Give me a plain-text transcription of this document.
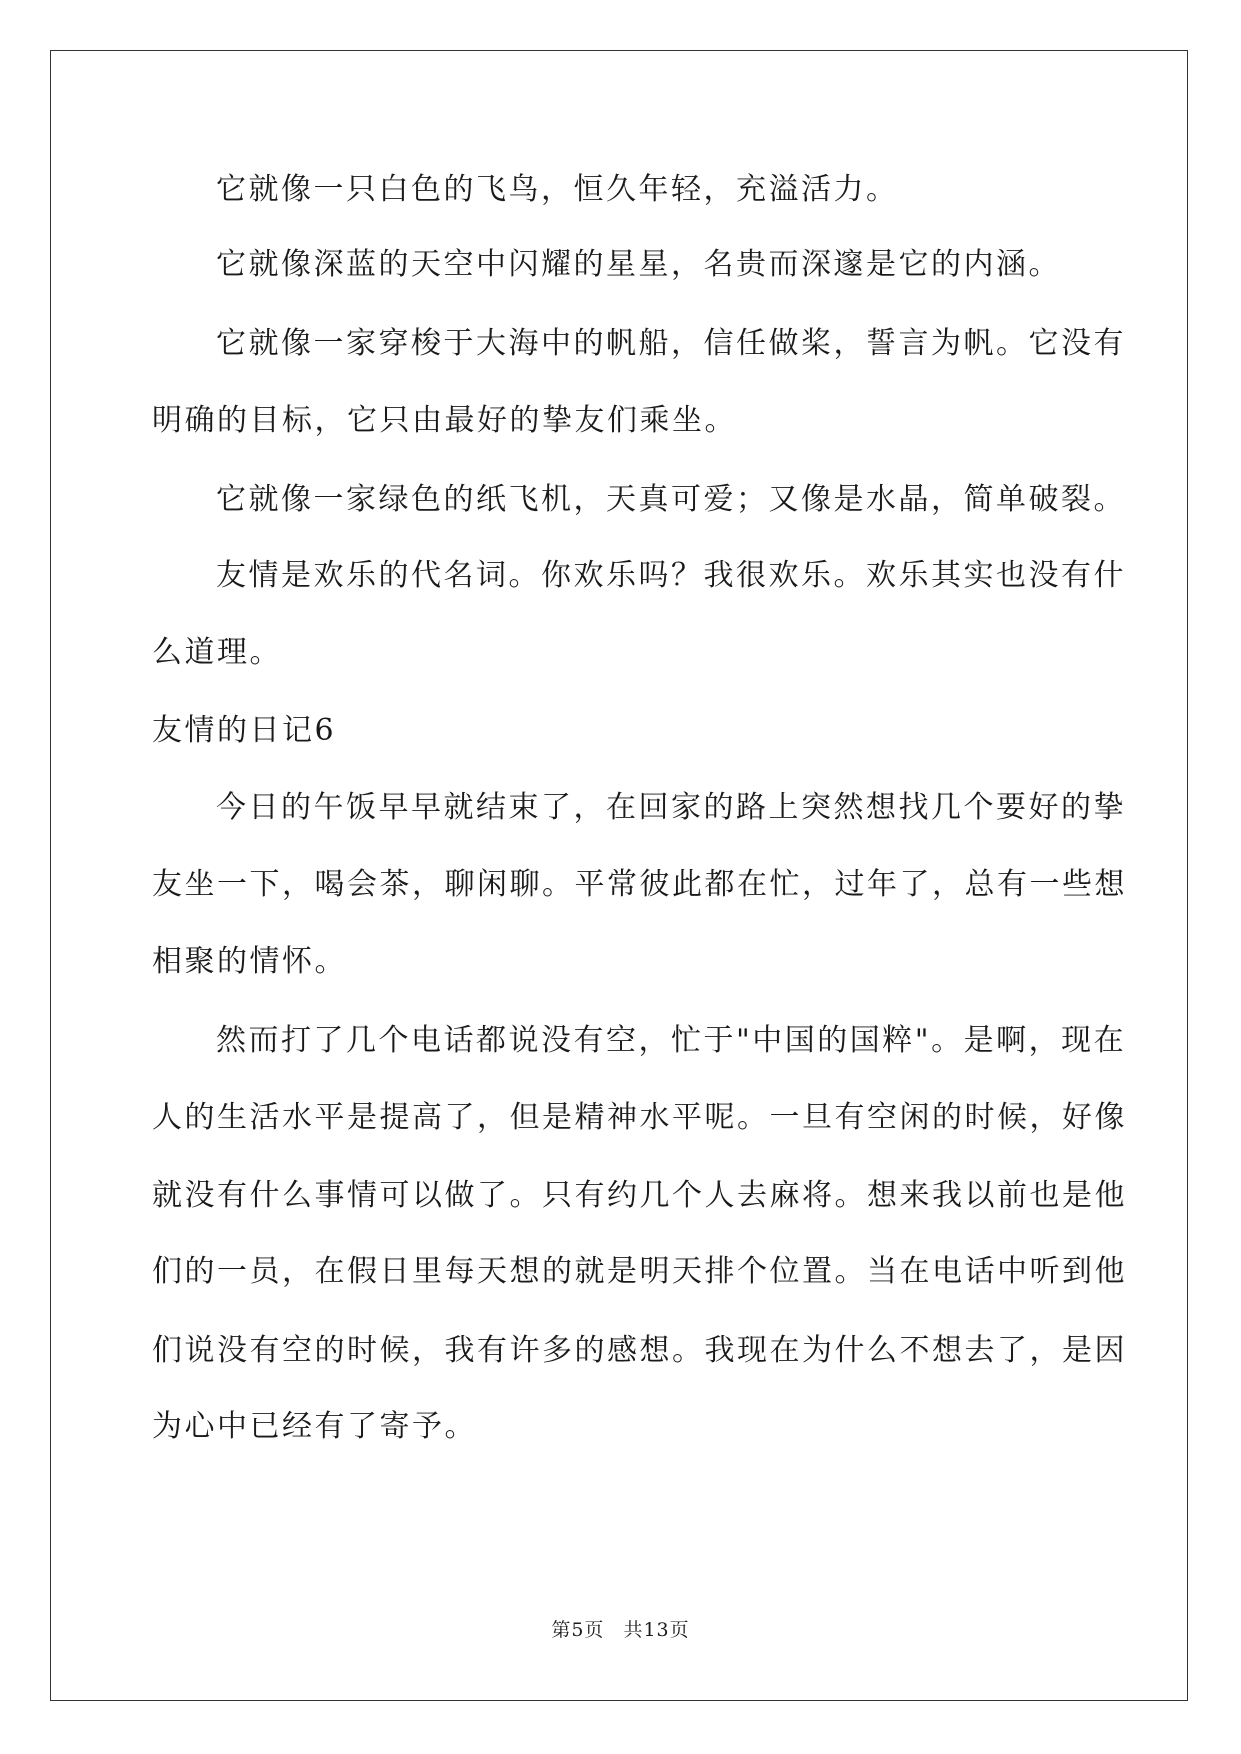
它就像一只白色的飞鸟，恒久年轻，充溢活力。
它就像深蓝的天空中闪耀的星星，名贵而深邃是它的内涵。
它就像一家穿梭于大海中的帆船，信任做桨，誓言为帆。它没有
明确的目标，它只由最好的挚友们乘坐。
它就像一家绿色的纸飞机，天真可爱；又像是水晶，简单破裂。
友情是欢乐的代名词。你欢乐吗？我很欢乐。欢乐其实也没有什
么道理。
友情的日记6
今日的午饭早早就结束了，在回家的路上突然想找几个要好的挚
友坐一下，喝会茶，聊闲聊。平常彼此都在忙，过年了，总有一些想
相聚的情怀。
然而打了几个电话都说没有空，忙于"中国的国粹"。是啊，现在
人的生活水平是提高了，但是精神水平呢。一旦有空闲的时候，好像
就没有什么事情可以做了。只有约几个人去麻将。想来我以前也是他
们的一员，在假日里每天想的就是明天排个位置。当在电话中听到他
们说没有空的时候，我有许多的感想。我现在为什么不想去了，是因
为心中已经有了寄予。
第5页 共13页
